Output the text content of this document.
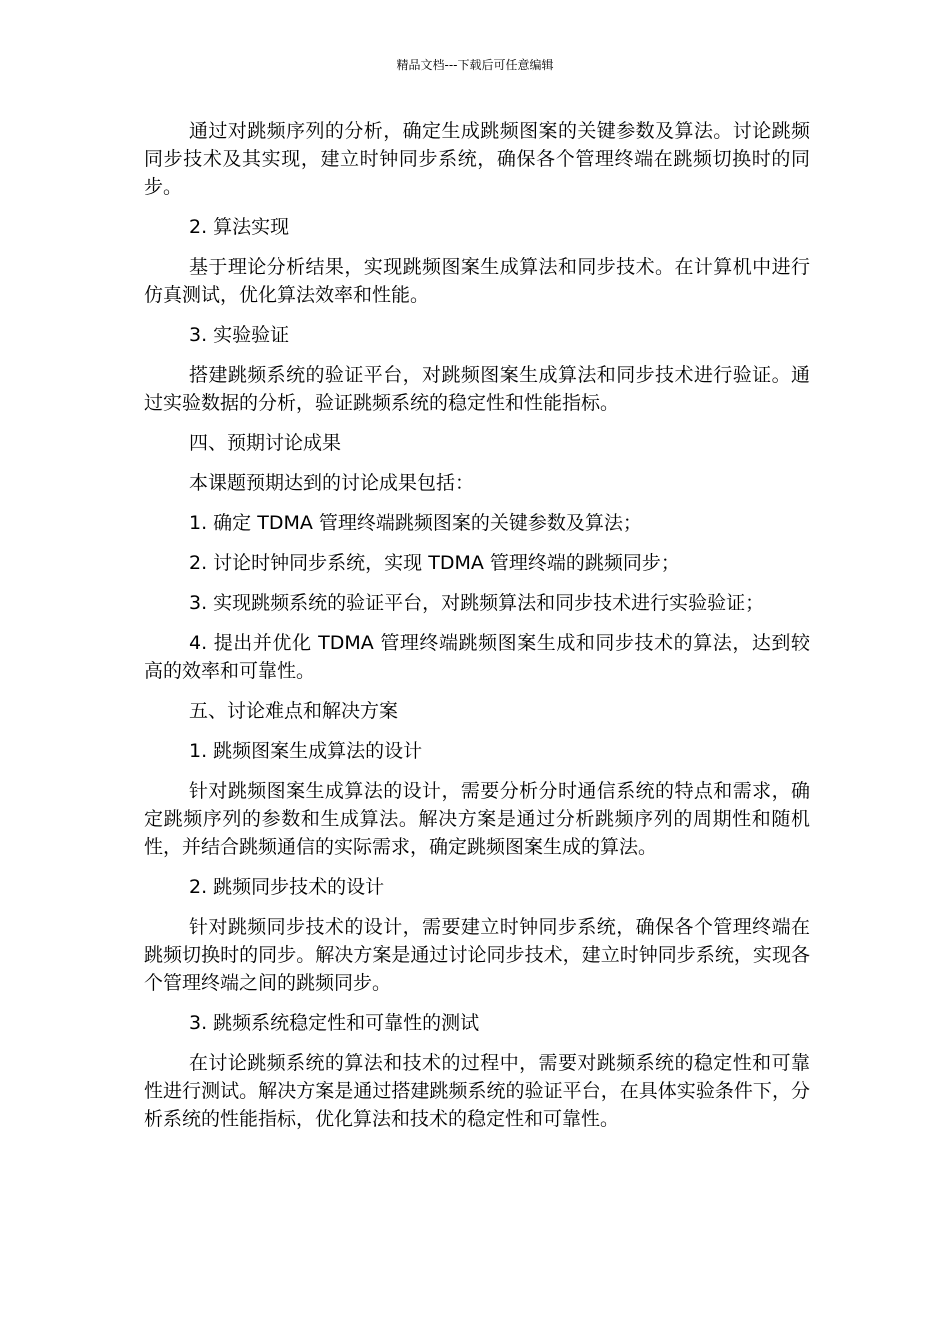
精品文档---下载后可任意编辑

通过对跳频序列的分析，确定生成跳频图案的关键参数及算法。讨论跳频同步技术及其实现，建立时钟同步系统，确保各个管理终端在跳频切换时的同步。

2. 算法实现

基于理论分析结果，实现跳频图案生成算法和同步技术。在计算机中进行仿真测试，优化算法效率和性能。

3. 实验验证

搭建跳频系统的验证平台，对跳频图案生成算法和同步技术进行验证。通过实验数据的分析，验证跳频系统的稳定性和性能指标。

四、预期讨论成果

本课题预期达到的讨论成果包括：

1. 确定 TDMA 管理终端跳频图案的关键参数及算法；

2. 讨论时钟同步系统，实现 TDMA 管理终端的跳频同步；

3. 实现跳频系统的验证平台，对跳频算法和同步技术进行实验验证；

4. 提出并优化 TDMA 管理终端跳频图案生成和同步技术的算法，达到较高的效率和可靠性。

五、讨论难点和解决方案

1. 跳频图案生成算法的设计

针对跳频图案生成算法的设计，需要分析分时通信系统的特点和需求，确定跳频序列的参数和生成算法。解决方案是通过分析跳频序列的周期性和随机性，并结合跳频通信的实际需求，确定跳频图案生成的算法。

2. 跳频同步技术的设计

针对跳频同步技术的设计，需要建立时钟同步系统，确保各个管理终端在跳频切换时的同步。解决方案是通过讨论同步技术，建立时钟同步系统，实现各个管理终端之间的跳频同步。

3. 跳频系统稳定性和可靠性的测试

在讨论跳频系统的算法和技术的过程中，需要对跳频系统的稳定性和可靠性进行测试。解决方案是通过搭建跳频系统的验证平台，在具体实验条件下，分析系统的性能指标，优化算法和技术的稳定性和可靠性。
